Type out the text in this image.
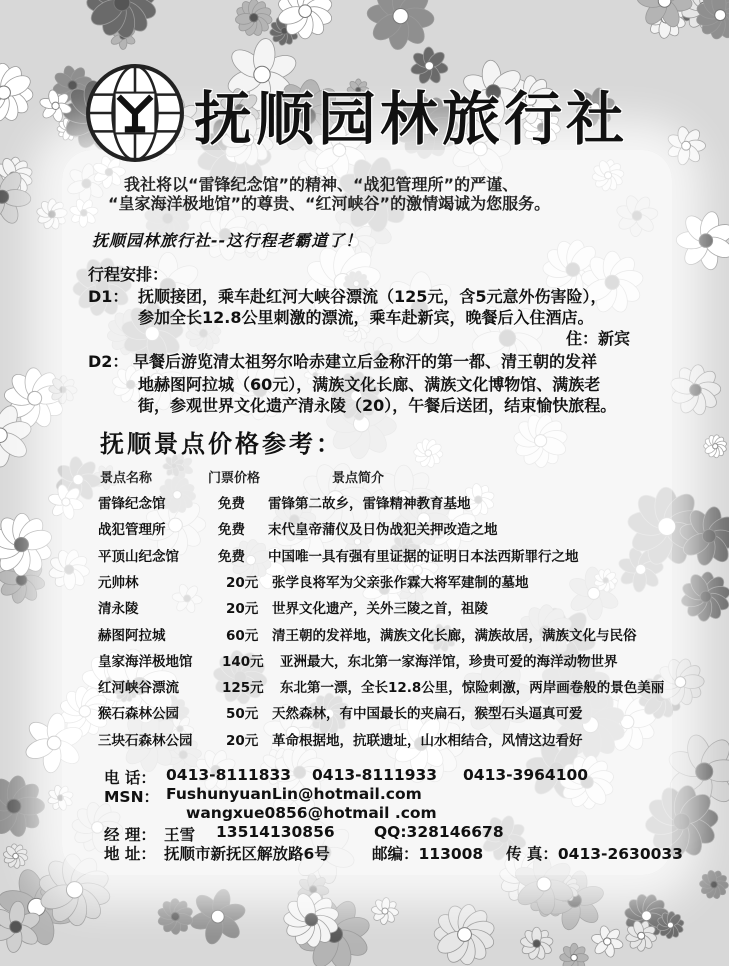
抚顺园林旅行社
我社将以“雷锋纪念馆”的精神、“战犯管理所”的严谨、
“皇家海洋极地馆”的尊贵、“红河峡谷”的激情竭诚为您服务。
抚顺园林旅行社--这行程老霸道了！
行程安排：
D1： 抚顺接团，乘车赴红河大峡谷漂流（125元，含5元意外伤害险），
参加全长12.8公里刺激的漂流，乘车赴新宾，晚餐后入住酒店。
住：新宾
D2： 早餐后游览清太祖努尔哈赤建立后金称汗的第一都、清王朝的发祥
地赫图阿拉城（60元），满族文化长廊、满族文化博物馆、满族老
街，参观世界文化遗产清永陵（20），午餐后送团，结束愉快旅程。
抚顺景点价格参考：
景点名称	门票价格	景点简介
雷锋纪念馆	免费 雷锋第二故乡，雷锋精神教育基地
战犯管理所	免费 末代皇帝蒲仪及日伪战犯关押改造之地
平顶山纪念馆	免费 中国唯一具有强有里证据的证明日本法西斯罪行之地
元帅林	20元 张学良将军为父亲张作霖大将军建制的墓地
清永陵	20元 世界文化遗产，关外三陵之首，祖陵
赫图阿拉城	60元 清王朝的发祥地，满族文化长廊，满族故居，满族文化与民俗
皇家海洋极地馆 140元 亚洲最大，东北第一家海洋馆，珍贵可爱的海洋动物世界
红河峡谷漂流	125元 东北第一漂，全长12.8公里，惊险刺激，两岸画卷般的景色美丽
猴石森林公园	50元 天然森林，有中国最长的夹扁石，猴型石头逼真可爱
三块石森林公园 20元 革命根据地，抗联遗址，山水相结合，风情这边看好
电 话： 0413-8111833 0413-8111933 0413-3964100
MSN： FushunyuanLin@hotmail.com
wangxue0856@hotmail .com
经 理： 王雪 13514130856	QQ:328146678
地 址： 抚顺市新抚区解放路6号	邮编：113008 传 真：0413-2630033
